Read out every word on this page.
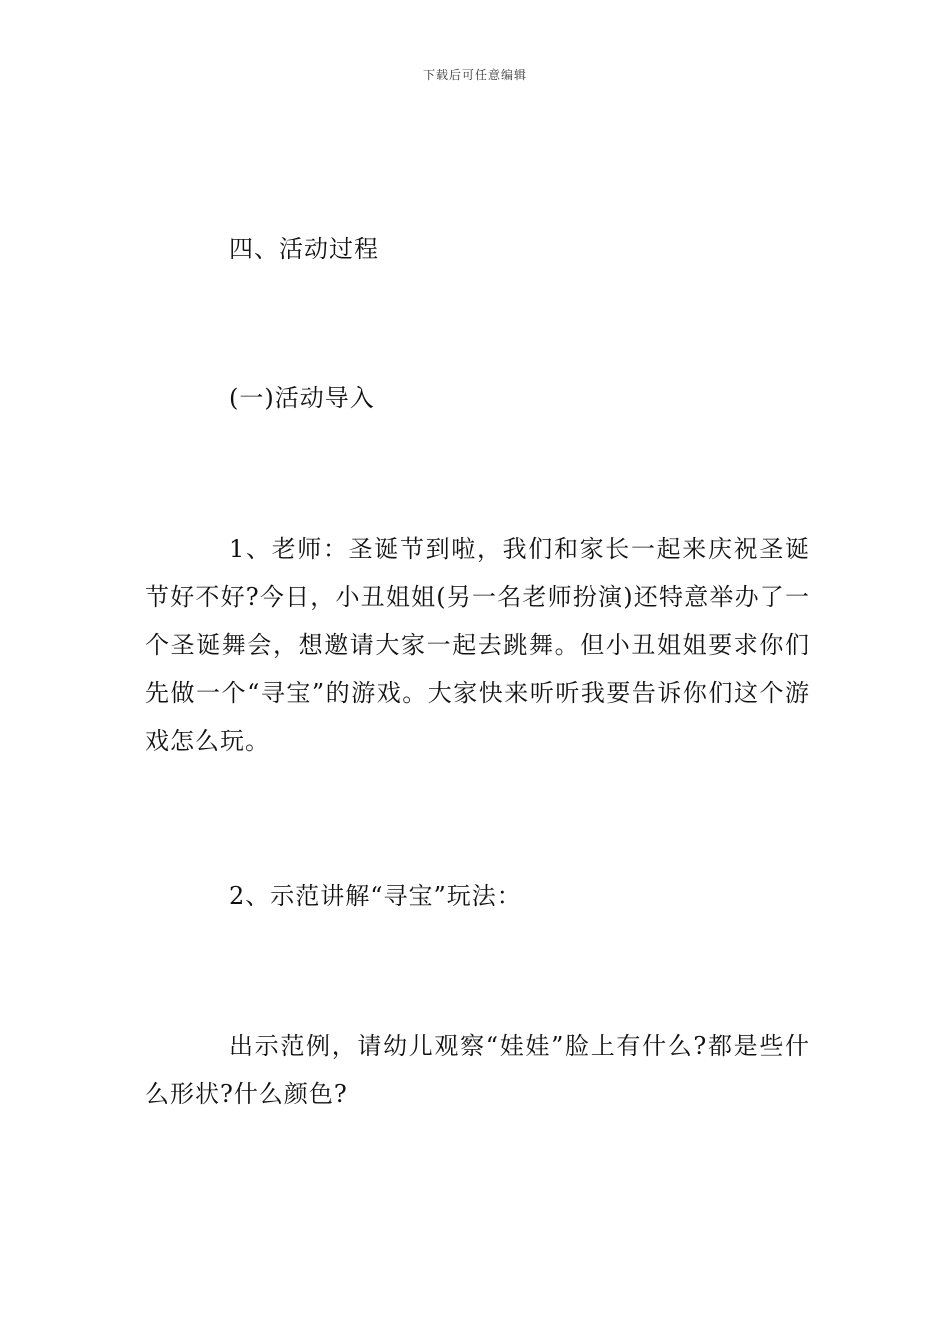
下载后可任意编辑
四、活动过程
(一)活动导入
1、老师：圣诞节到啦，我们和家长一起来庆祝圣诞节好不好?今日，小丑姐姐(另一名老师扮演)还特意举办了一个圣诞舞会，想邀请大家一起去跳舞。但小丑姐姐要求你们先做一个“寻宝”的游戏。大家快来听听我要告诉你们这个游戏怎么玩。
2、示范讲解“寻宝”玩法：
出示范例，请幼儿观察“娃娃”脸上有什么?都是些什么形状?什么颜色?
